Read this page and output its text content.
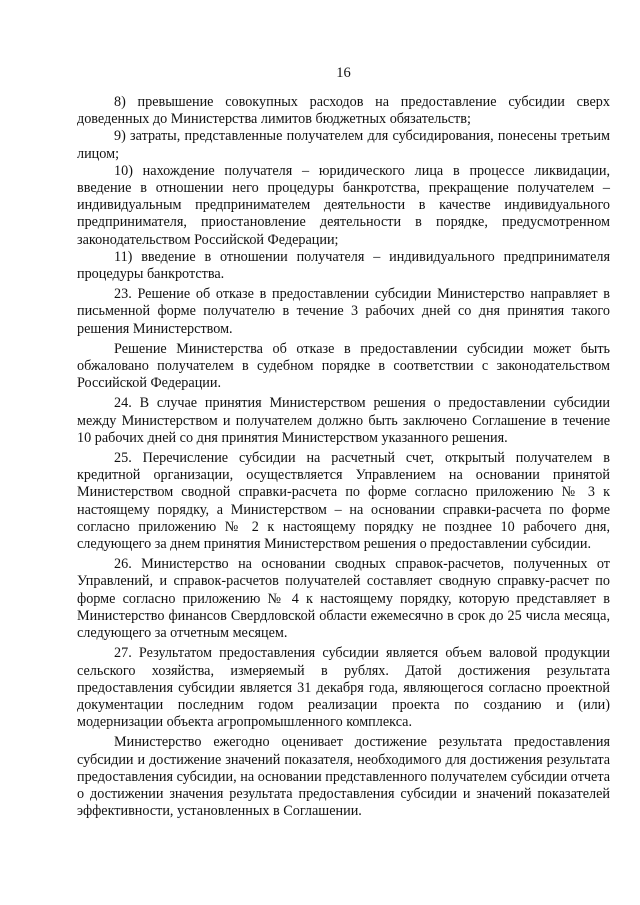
16

8) превышение совокупных расходов на предоставление субсидии сверх доведенных до Министерства лимитов бюджетных обязательств;

9) затраты, представленные получателем для субсидирования, понесены третьим лицом;

10) нахождение получателя – юридического лица в процессе ликвидации, введение в отношении него процедуры банкротства, прекращение получателем – индивидуальным предпринимателем деятельности в качестве индивидуального предпринимателя, приостановление деятельности в порядке, предусмотренном законодательством Российской Федерации;

11) введение в отношении получателя – индивидуального предпринимателя процедуры банкротства.

23. Решение об отказе в предоставлении субсидии Министерство направляет в письменной форме получателю в течение 3 рабочих дней со дня принятия такого решения Министерством.

Решение Министерства об отказе в предоставлении субсидии может быть обжаловано получателем в судебном порядке в соответствии с законодательством Российской Федерации.

24. В случае принятия Министерством решения о предоставлении субсидии между Министерством и получателем должно быть заключено Соглашение в течение 10 рабочих дней со дня принятия Министерством указанного решения.

25. Перечисление субсидии на расчетный счет, открытый получателем в кредитной организации, осуществляется Управлением на основании принятой Министерством сводной справки-расчета по форме согласно приложению № 3 к настоящему порядку, а Министерством – на основании справки-расчета по форме согласно приложению № 2 к настоящему порядку не позднее 10 рабочего дня, следующего за днем принятия Министерством решения о предоставлении субсидии.

26. Министерство на основании сводных справок-расчетов, полученных от Управлений, и справок-расчетов получателей составляет сводную справку-расчет по форме согласно приложению № 4 к настоящему порядку, которую представляет в Министерство финансов Свердловской области ежемесячно в срок до 25 числа месяца, следующего за отчетным месяцем.

27. Результатом предоставления субсидии является объем валовой продукции сельского хозяйства, измеряемый в рублях. Датой достижения результата предоставления субсидии является 31 декабря года, являющегося согласно проектной документации последним годом реализации проекта по созданию и (или) модернизации объекта агропромышленного комплекса.

Министерство ежегодно оценивает достижение результата предоставления субсидии и достижение значений показателя, необходимого для достижения результата предоставления субсидии, на основании представленного получателем субсидии отчета о достижении значения результата предоставления субсидии и значений показателей эффективности, установленных в Соглашении.
